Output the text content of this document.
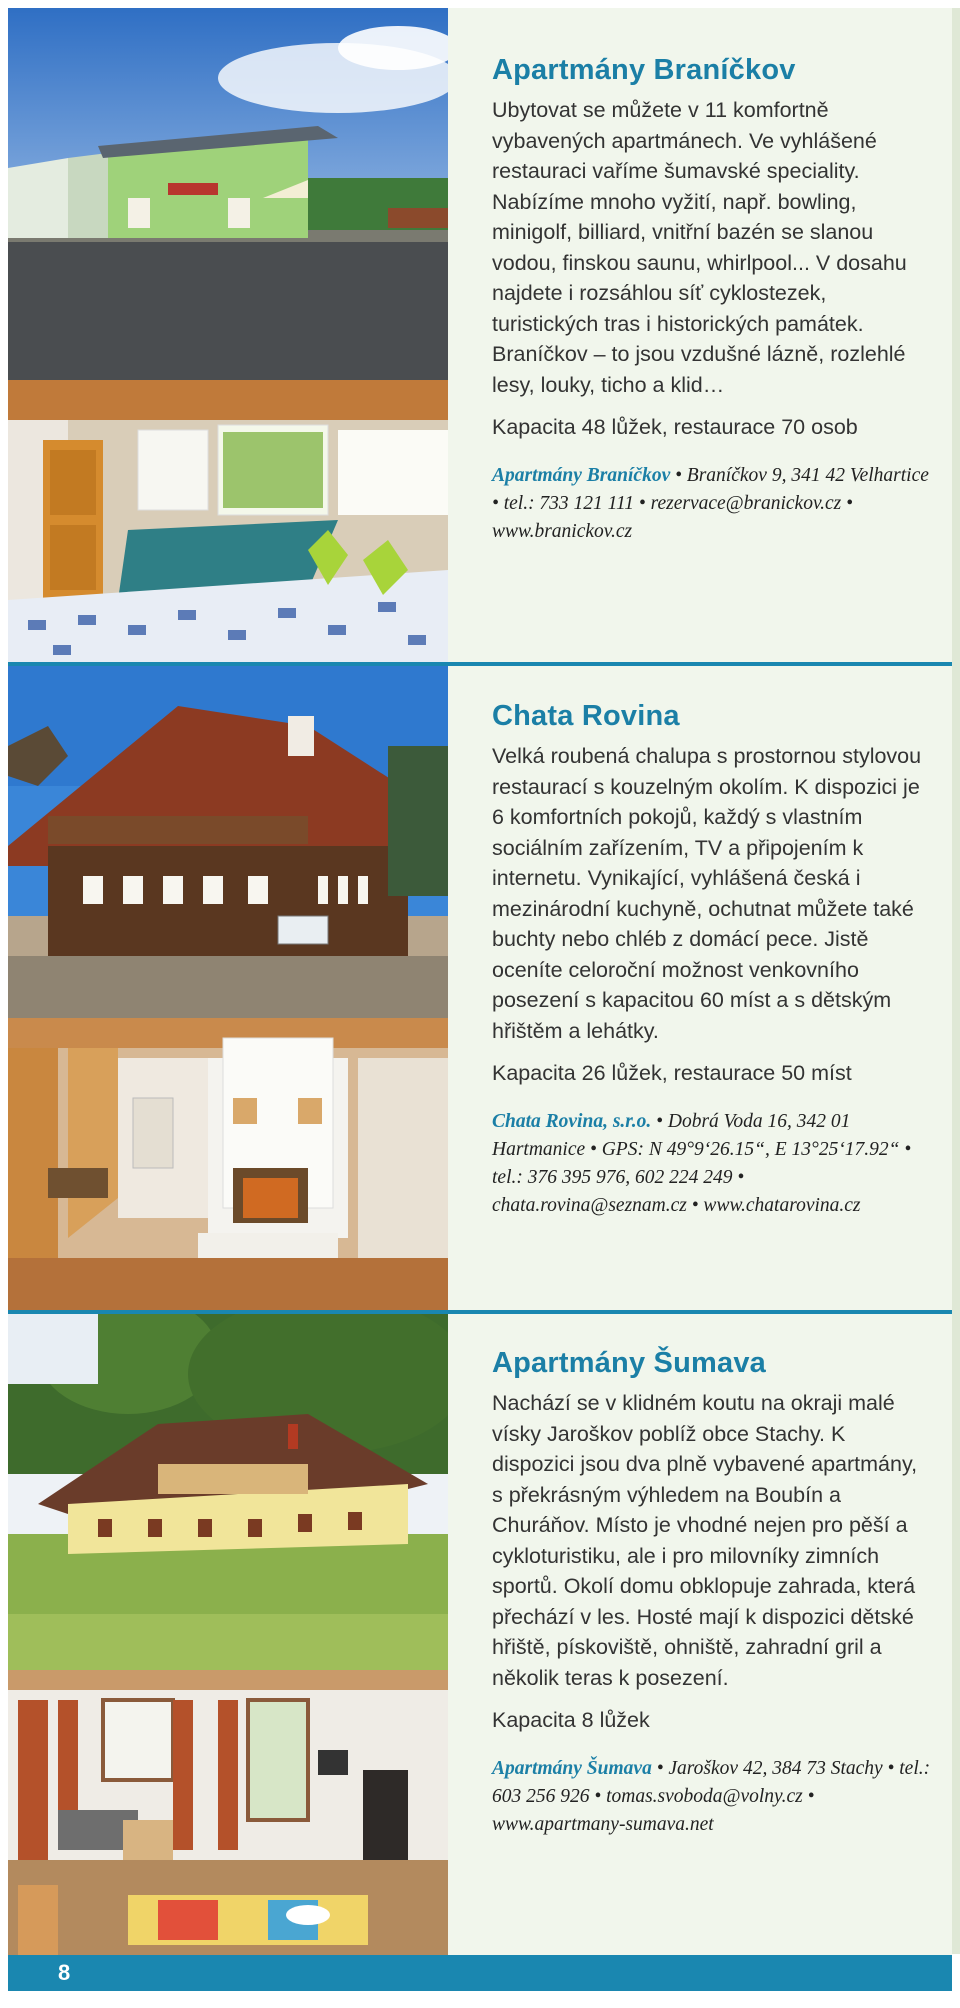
Apartmány Braníčkov

Ubytovat se můžete v 11 komfortně vybavených apartmánech. Ve vyhlášené restauraci vaříme šumavské speciality. Nabízíme mnoho vyžití, např. bowling, minigolf, billiard, vnitřní bazén se slanou vodou, finskou saunu, whirlpool... V dosahu najdete i rozsáhlou síť cyklostezek, turistických tras i historických památek. Braníčkov – to jsou vzdušné lázně, rozlehlé lesy, louky, ticho a klid…

Kapacita 48 lůžek, restaurace 70 osob

Apartmány Braníčkov • Braníčkov 9, 341 42 Velhartice • tel.: 733 121 111 • rezervace@branickov.cz • www.branickov.cz
Chata Rovina

Velká roubená chalupa s prostornou stylovou restaurací s kouzelným okolím. K dispozici je 6 komfortních pokojů, každý s vlastním sociálním zařízením, TV a připojením k internetu. Vynikající, vyhlášená česká i mezinárodní kuchyně, ochutnat můžete také buchty nebo chléb z domácí pece. Jistě oceníte celoroční možnost venkovního posezení s kapacitou 60 míst a s dětským hřištěm a lehátky.

Kapacita 26 lůžek, restaurace 50 míst

Chata Rovina, s.r.o. • Dobrá Voda 16, 342 01 Hartmanice • GPS: N 49°9‘26.15“, E 13°25‘17.92“ • tel.: 376 395 976, 602 224 249 • chata.rovina@seznam.cz • www.chatarovina.cz
Apartmány Šumava

Nachází se v klidném koutu na okraji malé vísky Jaroškov poblíž obce Stachy. K dispozici jsou dva plně vybavené apartmány, s překrásným výhledem na Boubín a Churáňov. Místo je vhodné nejen pro pěší a cykloturistiku, ale i pro milovníky zimních sportů. Okolí domu obklopuje zahrada, která přechází v les. Hosté mají k dispozici dětské hřiště, pískoviště, ohniště, zahradní gril a několik teras k posezení.

Kapacita 8 lůžek

Apartmány Šumava • Jaroškov 42, 384 73 Stachy • tel.: 603 256 926 • tomas.svoboda@volny.cz • www.apartmany-sumava.net
8
